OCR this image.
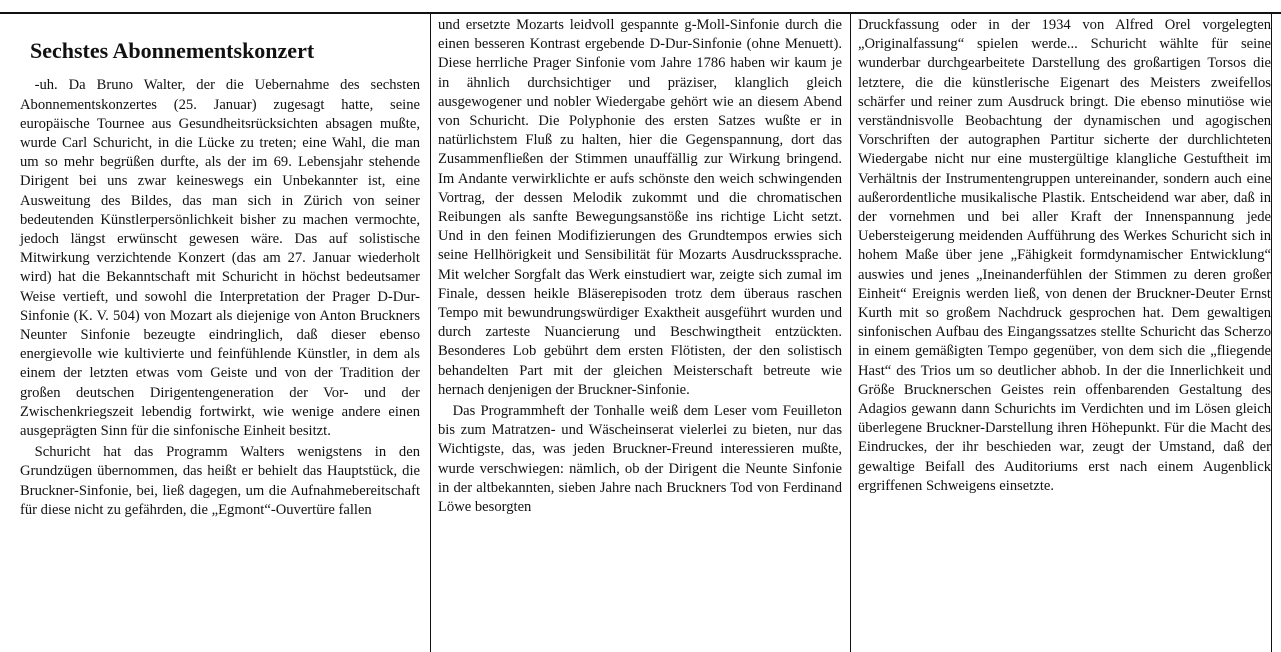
Sechstes Abonnementskonzert

-uh. Da Bruno Walter, der die Uebernahme des sechsten Abonnementskonzertes (25. Januar) zugesagt hatte, seine europäische Tournee aus Gesundheitsrücksichten absagen mußte, wurde Carl Schuricht, in die Lücke zu treten; eine Wahl, die man um so mehr begrüßen durfte, als der im 69. Lebensjahr stehende Dirigent bei uns zwar keineswegs ein Unbekannter ist, eine Ausweitung des Bildes, das man sich in Zürich von seiner bedeutenden Künstlerpersönlichkeit bisher zu machen vermochte, jedoch längst erwünscht gewesen wäre. Das auf solistische Mitwirkung verzichtende Konzert (das am 27. Januar wiederholt wird) hat die Bekanntschaft mit Schuricht in höchst bedeutsamer Weise vertieft, und sowohl die Interpretation der Prager D-Dur-Sinfonie (K. V. 504) von Mozart als diejenige von Anton Bruckners Neunter Sinfonie bezeugte eindringlich, daß dieser ebenso energievolle wie kultivierte und feinfühlende Künstler, in dem als einem der letzten etwas vom Geiste und von der Tradition der großen deutschen Dirigentengeneration der Vor- und der Zwischenkriegszeit lebendig fortwirkt, wie wenige andere einen ausgeprägten Sinn für die sinfonische Einheit besitzt.

Schuricht hat das Programm Walters wenigstens in den Grundzügen übernommen, das heißt er behielt das Hauptstück, die Bruckner-Sinfonie, bei, ließ dagegen, um die Aufnahmebereitschaft für diese nicht zu gefährden, die „Egmont“-Ouvertüre fallen

und ersetzte Mozarts leidvoll gespannte g-Moll-Sinfonie durch die einen besseren Kontrast ergebende D-Dur-Sinfonie (ohne Menuett). Diese herrliche Prager Sinfonie vom Jahre 1786 haben wir kaum je in ähnlich durchsichtiger und präziser, klanglich gleich ausgewogener und nobler Wiedergabe gehört wie an diesem Abend von Schuricht. Die Polyphonie des ersten Satzes wußte er in natürlichstem Fluß zu halten, hier die Gegenspannung, dort das Zusammenfließen der Stimmen unauffällig zur Wirkung bringend. Im Andante verwirklichte er aufs schönste den weich schwingenden Vortrag, der dessen Melodik zukommt und die chromatischen Reibungen als sanfte Bewegungsanstöße ins richtige Licht setzt. Und in den feinen Modifizierungen des Grundtempos erwies sich seine Hellhörigkeit und Sensibilität für Mozarts Ausdruckssprache. Mit welcher Sorgfalt das Werk einstudiert war, zeigte sich zumal im Finale, dessen heikle Bläserepisoden trotz dem überaus raschen Tempo mit bewundrungswürdiger Exaktheit ausgeführt wurden und durch zarteste Nuancierung und Beschwingtheit entzückten. Besonderes Lob gebührt dem ersten Flötisten, der den solistisch behandelten Part mit der gleichen Meisterschaft betreute wie hernach denjenigen der Bruckner-Sinfonie.

Das Programmheft der Tonhalle weiß dem Leser vom Feuilleton bis zum Matratzen- und Wäscheinserat vielerlei zu bieten, nur das Wichtigste, das, was jeden Bruckner-Freund interessieren mußte, wurde verschwiegen: nämlich, ob der Dirigent die Neunte Sinfonie in der altbekannten, sieben Jahre nach Bruckners Tod von Ferdinand Löwe besorgten

Druckfassung oder in der 1934 von Alfred Orel vorgelegten „Originalfassung“ spielen werde... Schuricht wählte für seine wunderbar durchgearbeitete Darstellung des großartigen Torsos die letztere, die die künstlerische Eigenart des Meisters zweifellos schärfer und reiner zum Ausdruck bringt. Die ebenso minutiöse wie verständnisvolle Beobachtung der dynamischen und agogischen Vorschriften der autographen Partitur sicherte der durchlichteten Wiedergabe nicht nur eine mustergültige klangliche Gestuftheit im Verhältnis der Instrumentengruppen untereinander, sondern auch eine außerordentliche musikalische Plastik. Entscheidend war aber, daß in der vornehmen und bei aller Kraft der Innenspannung jede Uebersteigerung meidenden Aufführung des Werkes Schuricht sich in hohem Maße über jene „Fähigkeit formdynamischer Entwicklung“ auswies und jenes „Ineinanderfühlen der Stimmen zu deren großer Einheit“ Ereignis werden ließ, von denen der Bruckner-Deuter Ernst Kurth mit so großem Nachdruck gesprochen hat. Dem gewaltigen sinfonischen Aufbau des Eingangssatzes stellte Schuricht das Scherzo in einem gemäßigten Tempo gegenüber, von dem sich die „fliegende Hast“ des Trios um so deutlicher abhob. In der die Innerlichkeit und Größe Brucknerschen Geistes rein offenbarenden Gestaltung des Adagios gewann dann Schurichts im Verdichten und im Lösen gleich überlegene Bruckner-Darstellung ihren Höhepunkt. Für die Macht des Eindruckes, der ihr beschieden war, zeugt der Umstand, daß der gewaltige Beifall des Auditoriums erst nach einem Augenblick ergriffenen Schweigens einsetzte.
